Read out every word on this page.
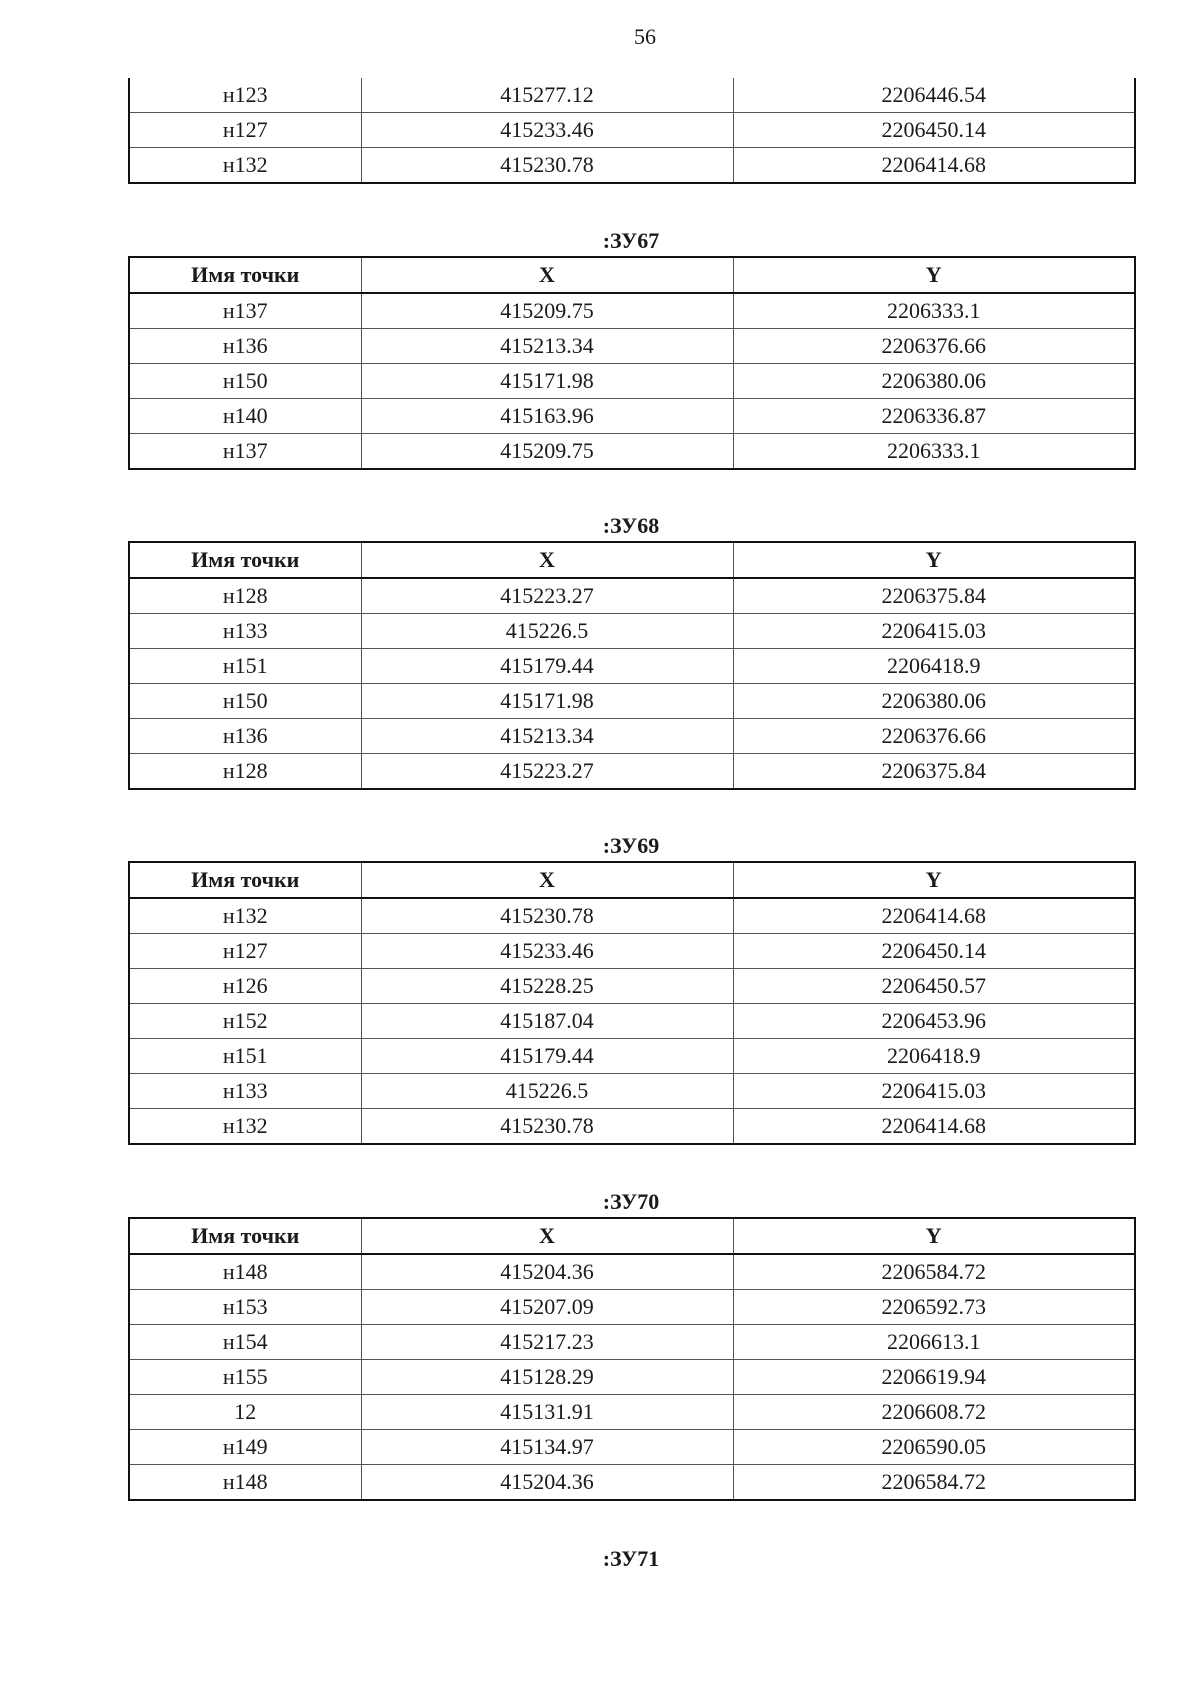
56
н123	415277.12	2206446.54
н127	415233.46	2206450.14
н132	415230.78	2206414.68
:ЗУ67
Имя точки	X	Y
н137	415209.75	2206333.1
н136	415213.34	2206376.66
н150	415171.98	2206380.06
н140	415163.96	2206336.87
н137	415209.75	2206333.1
:ЗУ68
Имя точки	X	Y
н128	415223.27	2206375.84
н133	415226.5	2206415.03
н151	415179.44	2206418.9
н150	415171.98	2206380.06
н136	415213.34	2206376.66
н128	415223.27	2206375.84
:ЗУ69
Имя точки	X	Y
н132	415230.78	2206414.68
н127	415233.46	2206450.14
н126	415228.25	2206450.57
н152	415187.04	2206453.96
н151	415179.44	2206418.9
н133	415226.5	2206415.03
н132	415230.78	2206414.68
:ЗУ70
Имя точки	X	Y
н148	415204.36	2206584.72
н153	415207.09	2206592.73
н154	415217.23	2206613.1
н155	415128.29	2206619.94
12	415131.91	2206608.72
н149	415134.97	2206590.05
н148	415204.36	2206584.72
:ЗУ71
